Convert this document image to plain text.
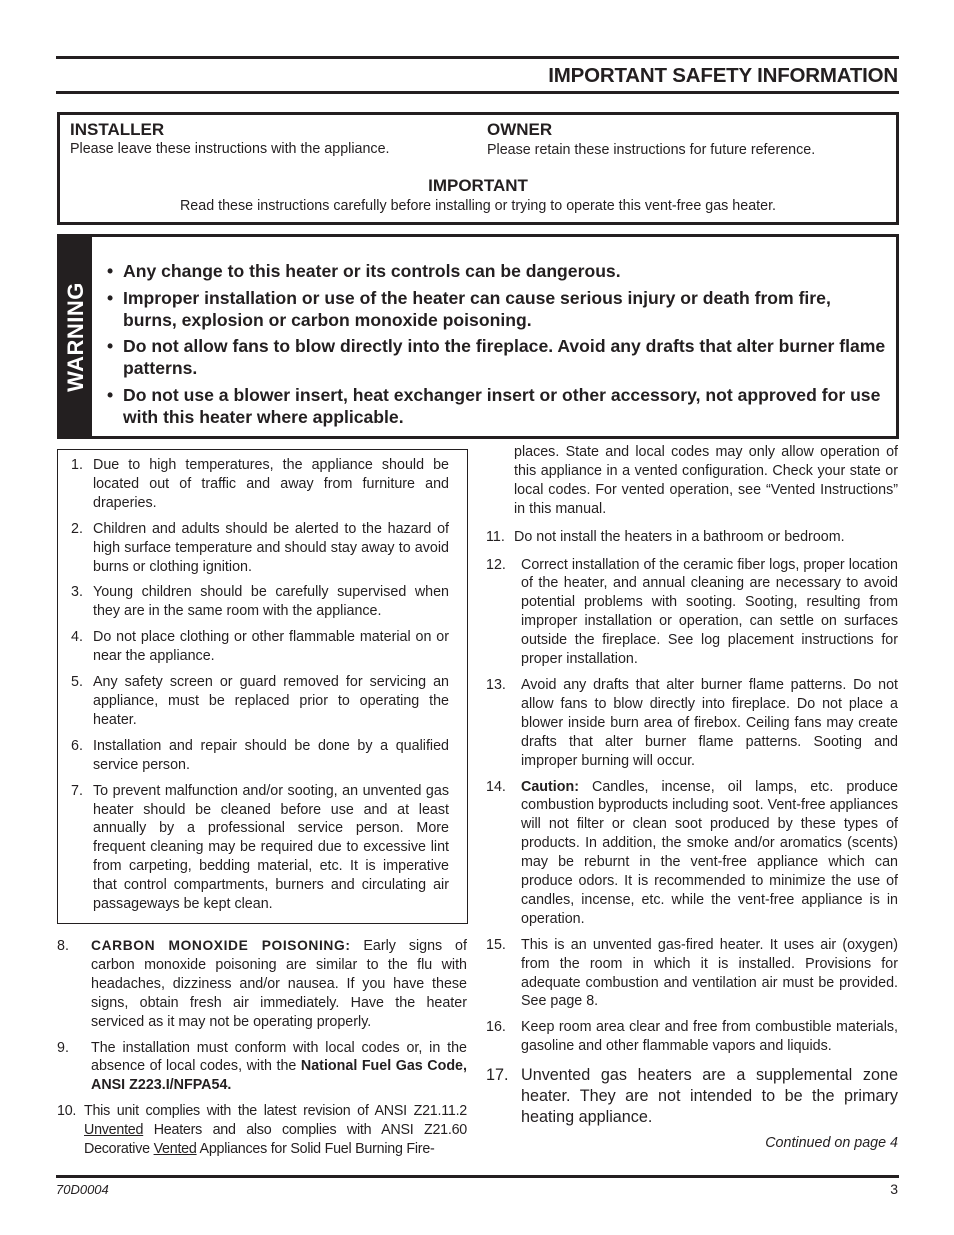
IMPORTANT SAFETY INFORMATION
INSTALLER
Please leave these instructions with the appliance.
OWNER
Please retain these instructions for future reference.
IMPORTANT
Read these instructions carefully before installing or trying to operate this vent-free gas heater.
WARNING
• Any change to this heater or its controls can be dangerous.
• Improper installation or use of the heater can cause serious injury or death from fire, burns, explosion or carbon monoxide poisoning.
• Do not allow fans to blow directly into the fireplace. Avoid any drafts that alter burner flame patterns.
• Do not use a blower insert, heat exchanger insert or other accessory, not approved for use with this heater where applicable.
1. Due to high temperatures, the appliance should be located out of traffic and away from furniture and draperies.
2. Children and adults should be alerted to the hazard of high surface temperature and should stay away to avoid burns or clothing ignition.
3. Young children should be carefully supervised when they are in the same room with the appliance.
4. Do not place clothing or other flammable material on or near the appliance.
5. Any safety screen or guard removed for servicing an appliance, must be replaced prior to operating the heater.
6. Installation and repair should be done by a qualified service person.
7. To prevent malfunction and/or sooting, an unvented gas heater should be cleaned before use and at least annually by a professional service person. More frequent cleaning may be required due to excessive lint from carpeting, bedding material, etc. It is imperative that control compartments, burners and circulating air passageways be kept clean.
8. CARBON MONOXIDE POISONING: Early signs of carbon monoxide poisoning are similar to the flu with headaches, dizziness and/or nausea. If you have these signs, obtain fresh air immediately. Have the heater serviced as it may not be operating properly.
9. The installation must conform with local codes or, in the absence of local codes, with the National Fuel Gas Code, ANSI Z223.I/NFPA54.
10. This unit complies with the latest revision of ANSI Z21.11.2 Unvented Heaters and also complies with ANSI Z21.60 Decorative Vented Appliances for Solid Fuel Burning Fire-
places. State and local codes may only allow operation of this appliance in a vented configuration. Check your state or local codes. For vented operation, see “Vented Instructions” in this manual.
11. Do not install the heaters in a bathroom or bedroom.
12. Correct installation of the ceramic fiber logs, proper location of the heater, and annual cleaning are necessary to avoid potential problems with sooting. Sooting, resulting from improper installation or operation, can settle on surfaces outside the fireplace. See log placement instructions for proper installation.
13. Avoid any drafts that alter burner flame patterns. Do not allow fans to blow directly into fireplace. Do not place a blower inside burn area of firebox. Ceiling fans may create drafts that alter burner flame patterns. Sooting and improper burning will occur.
14. Caution: Candles, incense, oil lamps, etc. produce combustion byproducts including soot. Vent-free appliances will not filter or clean soot produced by these types of products. In addition, the smoke and/or aromatics (scents) may be reburnt in the vent-free appliance which can produce odors. It is recommended to minimize the use of candles, incense, etc. while the vent-free appliance is in operation.
15. This is an unvented gas-fired heater. It uses air (oxygen) from the room in which it is installed. Provisions for adequate combustion and ventilation air must be provided. See page 8.
16. Keep room area clear and free from combustible materials, gasoline and other flammable vapors and liquids.
17. Unvented gas heaters are a supplemental zone heater. They are not intended to be the primary heating appliance.
Continued on page 4
70D0004	3
